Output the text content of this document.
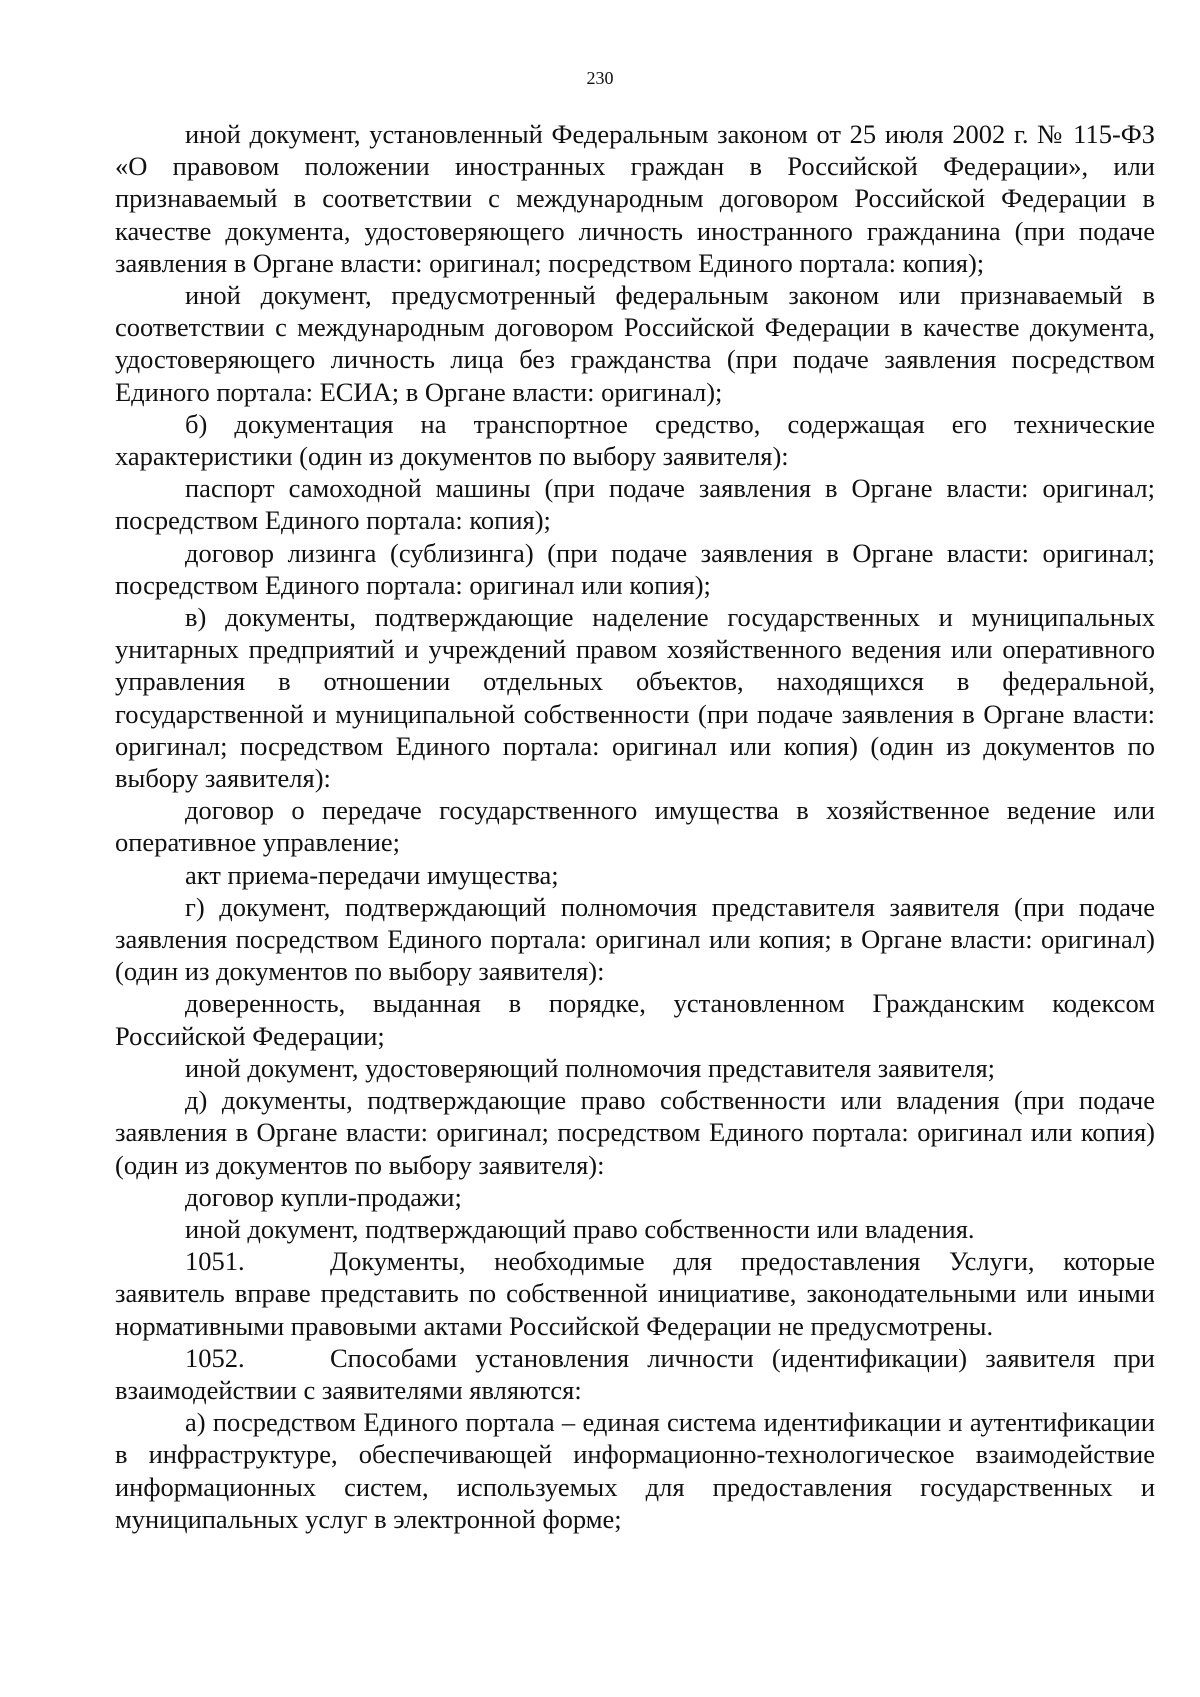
230

иной документ, установленный Федеральным законом от 25 июля 2002 г. № 115-ФЗ «О правовом положении иностранных граждан в Российской Федерации», или признаваемый в соответствии с международным договором Российской Федерации в качестве документа, удостоверяющего личность иностранного гражданина (при подаче заявления в Органе власти: оригинал; посредством Единого портала: копия);

иной документ, предусмотренный федеральным законом или признаваемый в соответствии с международным договором Российской Федерации в качестве документа, удостоверяющего личность лица без гражданства (при подаче заявления посредством Единого портала: ЕСИА; в Органе власти: оригинал);

б) документация на транспортное средство, содержащая его технические характеристики (один из документов по выбору заявителя):

паспорт самоходной машины (при подаче заявления в Органе власти: оригинал; посредством Единого портала: копия);

договор лизинга (сублизинга) (при подаче заявления в Органе власти: оригинал; посредством Единого портала: оригинал или копия);

в) документы, подтверждающие наделение государственных и муниципальных унитарных предприятий и учреждений правом хозяйственного ведения или оперативного управления в отношении отдельных объектов, находящихся в федеральной, государственной и муниципальной собственности (при подаче заявления в Органе власти: оригинал; посредством Единого портала: оригинал или копия) (один из документов по выбору заявителя):

договор о передаче государственного имущества в хозяйственное ведение или оперативное управление;

акт приема-передачи имущества;

г) документ, подтверждающий полномочия представителя заявителя (при подаче заявления посредством Единого портала: оригинал или копия; в Органе власти: оригинал) (один из документов по выбору заявителя):

доверенность, выданная в порядке, установленном Гражданским кодексом Российской Федерации;

иной документ, удостоверяющий полномочия представителя заявителя;

д) документы, подтверждающие право собственности или владения (при подаче заявления в Органе власти: оригинал; посредством Единого портала: оригинал или копия) (один из документов по выбору заявителя):

договор купли-продажи;

иной документ, подтверждающий право собственности или владения.

1051.	Документы, необходимые для предоставления Услуги, которые заявитель вправе представить по собственной инициативе, законодательными или иными нормативными правовыми актами Российской Федерации не предусмотрены.

1052.	Способами установления личности (идентификации) заявителя при взаимодействии с заявителями являются:

а) посредством Единого портала – единая система идентификации и аутентификации в инфраструктуре, обеспечивающей информационно-технологическое взаимодействие информационных систем, используемых для предоставления государственных и муниципальных услуг в электронной форме;
